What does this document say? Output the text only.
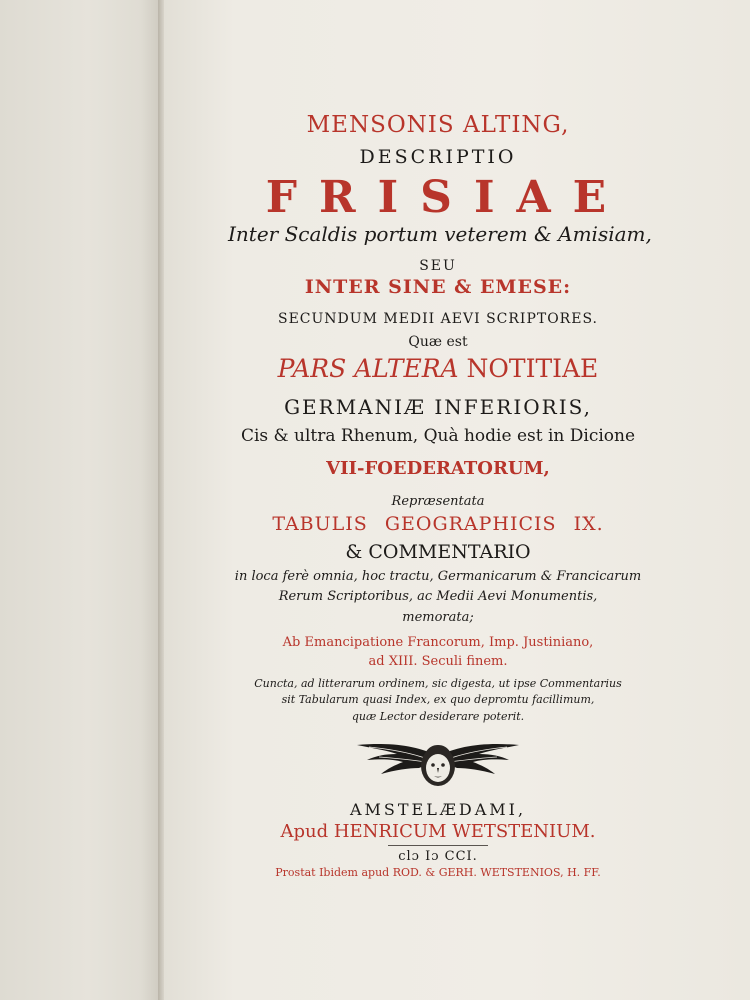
MENSONIS ALTING,
DESCRIPTIO
FRISIAE
Inter Scaldis portum veterem & Amisiam,
SEU
INTER SINE & EMESE:
SECUNDUM MEDII AEVI SCRIPTORES.
Quæ est
PARS ALTERA NOTITIAE
GERMANIÆ INFERIORIS,
Cis & ultra Rhenum, Quà hodie est in Dicione
VII-FOEDERATORUM,
Repræsentata
TABULIS GEOGRAPHICIS IX.
& COMMENTARIO
in loca ferè omnia, hoc tractu, Germanicarum & Francicarum
Rerum Scriptoribus, ac Medii Aevi Monumentis,
memorata;
Ab Emancipatione Francorum, Imp. Justiniano,
ad XIII. Seculi finem.
Cuncta, ad litterarum ordinem, sic digesta, ut ipse Commentarius
sit Tabularum quasi Index, ex quo depromtu facillimum,
quæ Lector desiderare poterit.
AMSTELÆDAMI,
Apud HENRICUM WETSTENIUM.
clɔ Iɔ CCI.
Prostat Ibidem apud ROD. & GERH. WETSTENIOS, H. FF.
